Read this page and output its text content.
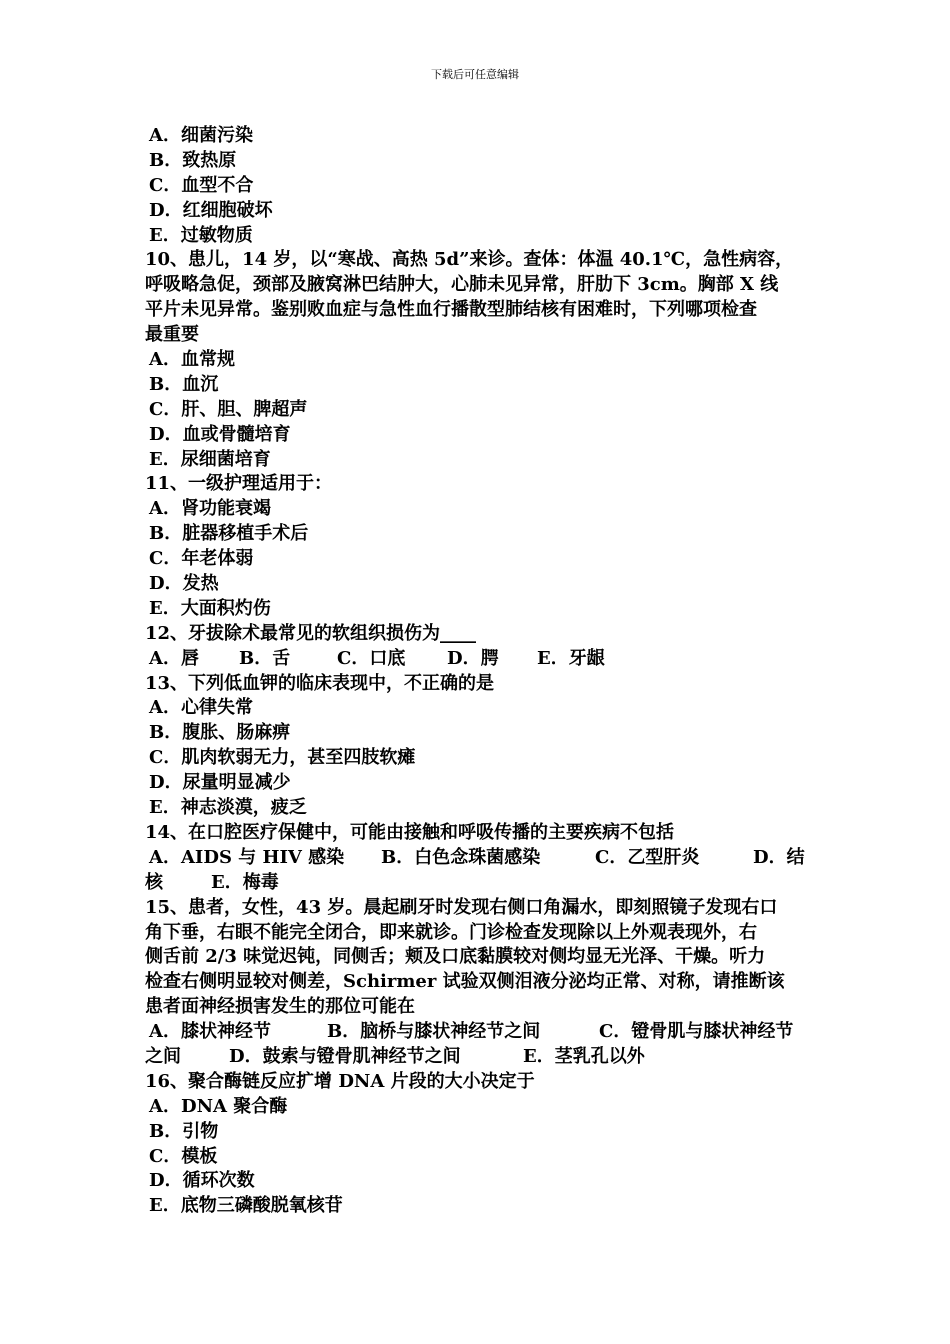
下载后可任意编辑
A．细菌污染
B．致热原
C．血型不合
D．红细胞破坏
E．过敏物质
10、患儿，14 岁，以“寒战、高热 5d”来诊。查体：体温 40.1℃，急性病容，
呼吸略急促，颈部及腋窝淋巴结肿大，心肺未见异常，肝肋下 3cm。胸部 X 线
平片未见异常。鉴别败血症与急性血行播散型肺结核有困难时，下列哪项检查
最重要
A．血常规
B．血沉
C．肝、胆、脾超声
D．血或骨髓培育
E．尿细菌培育
11、一级护理适用于：
A．肾功能衰竭
B．脏器移植手术后
C．年老体弱
D．发热
E．大面积灼伤
12、牙拔除术最常见的软组织损伤为____
A．唇 B．舌	C．口底 D．腭 E．牙龈
13、下列低血钾的临床表现中，不正确的是
A．心律失常
B．腹胀、肠麻痹
C．肌肉软弱无力，甚至四肢软瘫
D．尿量明显减少
E．神志淡漠，疲乏
14、在口腔医疗保健中，可能由接触和呼吸传播的主要疾病不包括
A．AIDS 与 HIV 感染 B．白色念珠菌感染	C．乙型肝炎	D．结
核	E．梅毒
15、患者，女性，43 岁。晨起刷牙时发现右侧口角漏水，即刻照镜子发现右口
角下垂，右眼不能完全闭合，即来就诊。门诊检查发现除以上外观表现外，右
侧舌前 2/3 味觉迟钝，同侧舌；颊及口底黏膜较对侧均显无光泽、干燥。听力
检查右侧明显较对侧差，Schirmer 试验双侧泪液分泌均正常、对称，请推断该
患者面神经损害发生的那位可能在
A．膝状神经节	B．脑桥与膝状神经节之间	C．镫骨肌与膝状神经节
之间	D．鼓索与镫骨肌神经节之间	E．茎乳孔以外
16、聚合酶链反应扩增 DNA 片段的大小决定于
A．DNA 聚合酶
B．引物
C．模板
D．循环次数
E．底物三磷酸脱氧核苷
